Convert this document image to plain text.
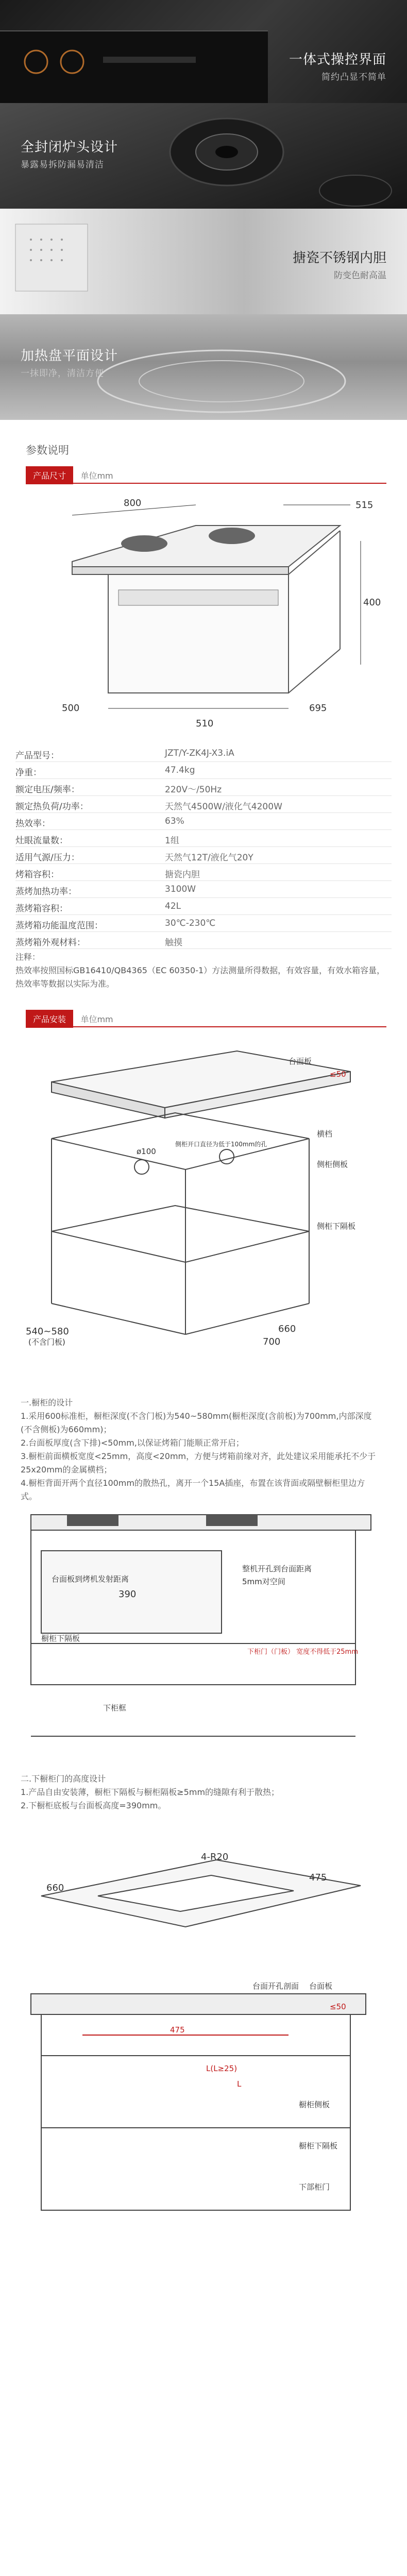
一体式操控界面
简约凸显不简单
全封闭炉头设计
暴露易拆防漏易清洁
搪瓷不锈钢内胆
防变色耐高温
加热盘平面设计
一抹即净，清洁方便
参数说明
产品尺寸 单位mm
800	515
400
500	695
510
产品型号：	JZT/Y-ZK4J-X3.iA
净重：	47.4kg
额定电压/频率：	220V～/50Hz
额定热负荷/功率：	天然气4500W/液化气4200W
热效率：	63%
灶眼流量数：	1组
适用气源/压力：	天然气12T/液化气20Y
烤箱容积：	搪瓷内胆
蒸烤加热功率：	3100W
蒸烤箱容积：	42L
蒸烤箱功能温度范围：	30℃-230℃
蒸烤箱外观材料：	触摸
注释：
热效率按照国标GB16410/QB4365（EC 60350-1）方法测量所得数据，有效容量，有效水箱容量，热效率等数据以实际为准。
产品安装 单位mm
台面板
横档
≤50
侧柜侧板
侧柜下隔板
侧柜开口直径为低于100mm的孔
540~580
(不含门板)	700
660
ø100
一.橱柜的设计
1.采用600标准柜，橱柜深度(不含门板)为540~580mm(橱柜深度(含前板)为700mm,内部深度(不含侧板)为660mm)；
2.台面板厚度(含下排)<50mm,以保证烤箱门能顺正常开启；
3.橱柜前面横板宽度<25mm，高度<20mm，方便与烤箱前缘对齐，此处建议采用能承托不少于25x20mm的金属横档；
4.橱柜背面开两个直径100mm的散热孔，离开一个15A插座，布置在该背面或隔壁橱柜里边方式。
台面板到烤机发射距离
390
整机开孔到台面距离
5mm对空间
橱柜下隔板
下柜门（门板） 宽度不得低于25mm
下柜框
二.下橱柜门的高度设计
1.产品自由安装薄，橱柜下隔板与橱柜隔板≥5mm的缝隙有利于散热；
2.下橱柜底板与台面板高度=390mm。
4-R20
660
475
台面开孔剖面 台面板
≤50
L(L≥25)
L
475
橱柜侧板
橱柜下隔板
下部柜门
